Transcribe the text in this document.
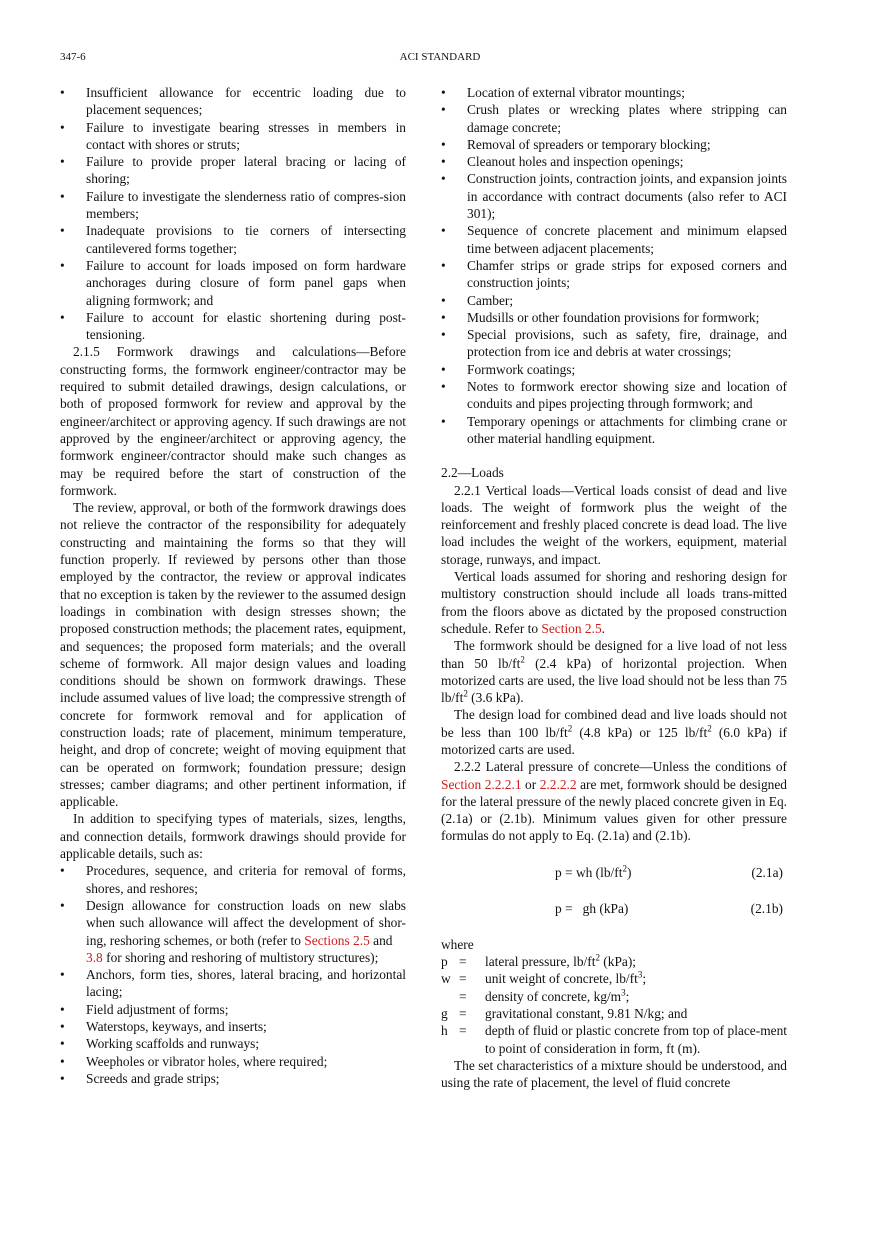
347-6	ACI STANDARD
• Insufficient allowance for eccentric loading due to placement sequences;
• Failure to investigate bearing stresses in members in contact with shores or struts;
• Failure to provide proper lateral bracing or lacing of shoring;
• Failure to investigate the slenderness ratio of compres-sion members;
• Inadequate provisions to tie corners of intersecting cantilevered forms together;
• Failure to account for loads imposed on form hardware anchorages during closure of form panel gaps when aligning formwork; and
• Failure to account for elastic shortening during post-tensioning.

2.1.5 Formwork drawings and calculations—Before constructing forms, the formwork engineer/contractor may be required to submit detailed drawings, design calculations, or both of proposed formwork for review and approval by the engineer/architect or approving agency. If such drawings are not approved by the engineer/architect or approving agency, the formwork engineer/contractor should make such changes as may be required before the start of construction of the formwork.

The review, approval, or both of the formwork drawings does not relieve the contractor of the responsibility for adequately constructing and maintaining the forms so that they will function properly. If reviewed by persons other than those employed by the contractor, the review or approval indicates that no exception is taken by the reviewer to the assumed design loadings in combination with design stresses shown; the proposed construction methods; the placement rates, equipment, and sequences; the proposed form materials; and the overall scheme of formwork. All major design values and loading conditions should be shown on formwork drawings. These include assumed values of live load; the compressive strength of concrete for formwork removal and for application of construction loads; rate of placement, minimum temperature, height, and drop of concrete; weight of moving equipment that can be operated on formwork; foundation pressure; design stresses; camber diagrams; and other pertinent information, if applicable.

In addition to specifying types of materials, sizes, lengths, and connection details, formwork drawings should provide for applicable details, such as:

• Procedures, sequence, and criteria for removal of forms, shores, and reshores;
• Design allowance for construction loads on new slabs when such allowance will affect the development of shor-ing, reshoring schemes, or both (refer to Sections 2.5 and
3.8 for shoring and reshoring of multistory structures);
• Anchors, form ties, shores, lateral bracing, and horizontal lacing;
• Field adjustment of forms;
• Waterstops, keyways, and inserts;
• Working scaffolds and runways;
• Weepholes or vibrator holes, where required;
• Screeds and grade strips;
• Location of external vibrator mountings;
• Crush plates or wrecking plates where stripping can damage concrete;
• Removal of spreaders or temporary blocking;
• Cleanout holes and inspection openings;
• Construction joints, contraction joints, and expansion joints in accordance with contract documents (also refer to ACI 301);
• Sequence of concrete placement and minimum elapsed time between adjacent placements;
• Chamfer strips or grade strips for exposed corners and construction joints;
• Camber;
• Mudsills or other foundation provisions for formwork;
• Special provisions, such as safety, fire, drainage, and protection from ice and debris at water crossings;
• Formwork coatings;
• Notes to formwork erector showing size and location of conduits and pipes projecting through formwork; and
• Temporary openings or attachments for climbing crane or other material handling equipment.

2.2—Loads

2.2.1 Vertical loads—Vertical loads consist of dead and live loads. The weight of formwork plus the weight of the reinforcement and freshly placed concrete is dead load. The live load includes the weight of the workers, equipment, material storage, runways, and impact.

Vertical loads assumed for shoring and reshoring design for multistory construction should include all loads trans-mitted from the floors above as dictated by the proposed construction schedule. Refer to Section 2.5.

The formwork should be designed for a live load of not less than 50 $lb/ft^2$ (2.4 kPa) of horizontal projection. When motorized carts are used, the live load should not be less than 75 $lb/ft^2$ (3.6 kPa).

The design load for combined dead and live loads should not be less than 100 $lb/ft^2$ (4.8 kPa) or 125 $lb/ft^2$ (6.0 kPa) if motorized carts are used.

2.2.2 Lateral pressure of concrete—Unless the conditions of Section 2.2.2.1 or 2.2.2.2 are met, formwork should be designed for the lateral pressure of the newly placed concrete given in Eq. (2.1a) or (2.1b). Minimum values given for other pressure formulas do not apply to Eq. (2.1a) and (2.1b).

p = wh $(lb/ft^2)$	(2.1a)
p =   gh (kPa)	(2.1b)

where

p = lateral pressure, $lb/ft^2$ (kPa);
w = unit weight of concrete, $lb/ft^3$;
= density of concrete, $kg/m^3$;
g = gravitational constant, 9.81 N/kg; and
h = depth of fluid or plastic concrete from top of place-ment to point of consideration in form, ft (m).

The set characteristics of a mixture should be understood, and using the rate of placement, the level of fluid concrete
